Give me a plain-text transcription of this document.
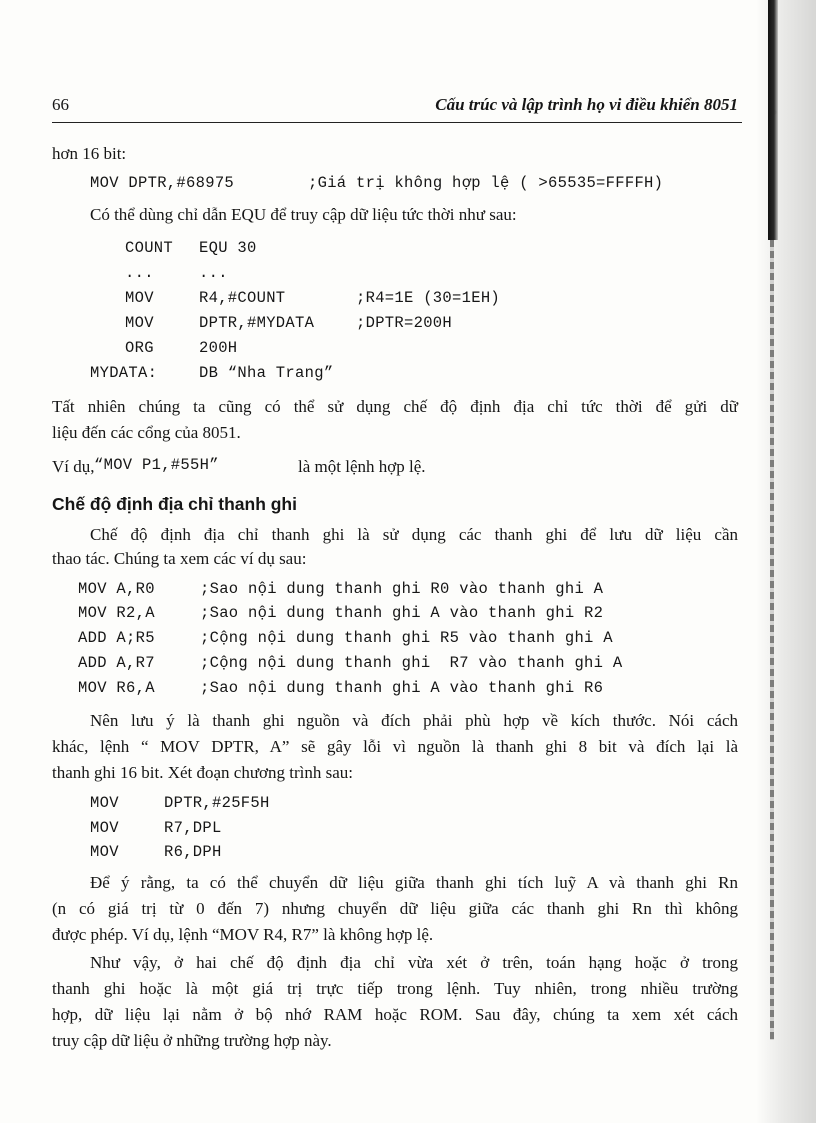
66	Cấu trúc và lập trình họ vi điều khiển 8051
hơn 16 bit:
MOV DPTR,#68975	;Giá trị không hợp lệ ( >65535=FFFFH)
Có thể dùng chỉ dẫn EQU để truy cập dữ liệu tức thời như sau:
COUNT EQU 30
...	...
MOV	R4,#COUNT	;R4=1E (30=1EH)
MOV	DPTR,#MYDATA	;DPTR=200H
ORG	200H
MYDATA:	DB “Nha Trang”
Tất nhiên chúng ta cũng có thể sử dụng chế độ định địa chỉ tức thời để gửi dữ
liệu đến các cổng của 8051.
Ví dụ, “MOV P1,#55H”	là một lệnh hợp lệ.
Chế độ định địa chỉ thanh ghi
Chế độ định địa chỉ thanh ghi là sử dụng các thanh ghi để lưu dữ liệu cần
thao tác. Chúng ta xem các ví dụ sau:
MOV A,R0	;Sao nội dung thanh ghi R0 vào thanh ghi A
MOV R2,A	;Sao nội dung thanh ghi A vào thanh ghi R2
ADD A;R5	;Cộng nội dung thanh ghi R5 vào thanh ghi A
ADD A,R7	;Cộng nội dung thanh ghi  R7 vào thanh ghi A
MOV R6,A	;Sao nội dung thanh ghi A vào thanh ghi R6
Nên lưu ý là thanh ghi nguồn và đích phải phù hợp về kích thước. Nói cách
khác, lệnh “ MOV DPTR, A” sẽ gây lỗi vì nguồn là thanh ghi 8 bit và đích lại là
thanh ghi 16 bit. Xét đoạn chương trình sau:
MOV	DPTR,#25F5H
MOV	R7,DPL
MOV	R6,DPH
Để ý rằng, ta có thể chuyển dữ liệu giữa thanh ghi tích luỹ A và thanh ghi Rn
(n có giá trị từ 0 đến 7) nhưng chuyển dữ liệu giữa các thanh ghi Rn thì không
được phép. Ví dụ, lệnh “MOV R4, R7” là không hợp lệ.
Như vậy, ở hai chế độ định địa chỉ vừa xét ở trên, toán hạng hoặc ở trong
thanh ghi hoặc là một giá trị trực tiếp trong lệnh. Tuy nhiên, trong nhiều trường
hợp, dữ liệu lại nằm ở bộ nhớ RAM hoặc ROM. Sau đây, chúng ta xem xét cách
truy cập dữ liệu ở những trường hợp này.
